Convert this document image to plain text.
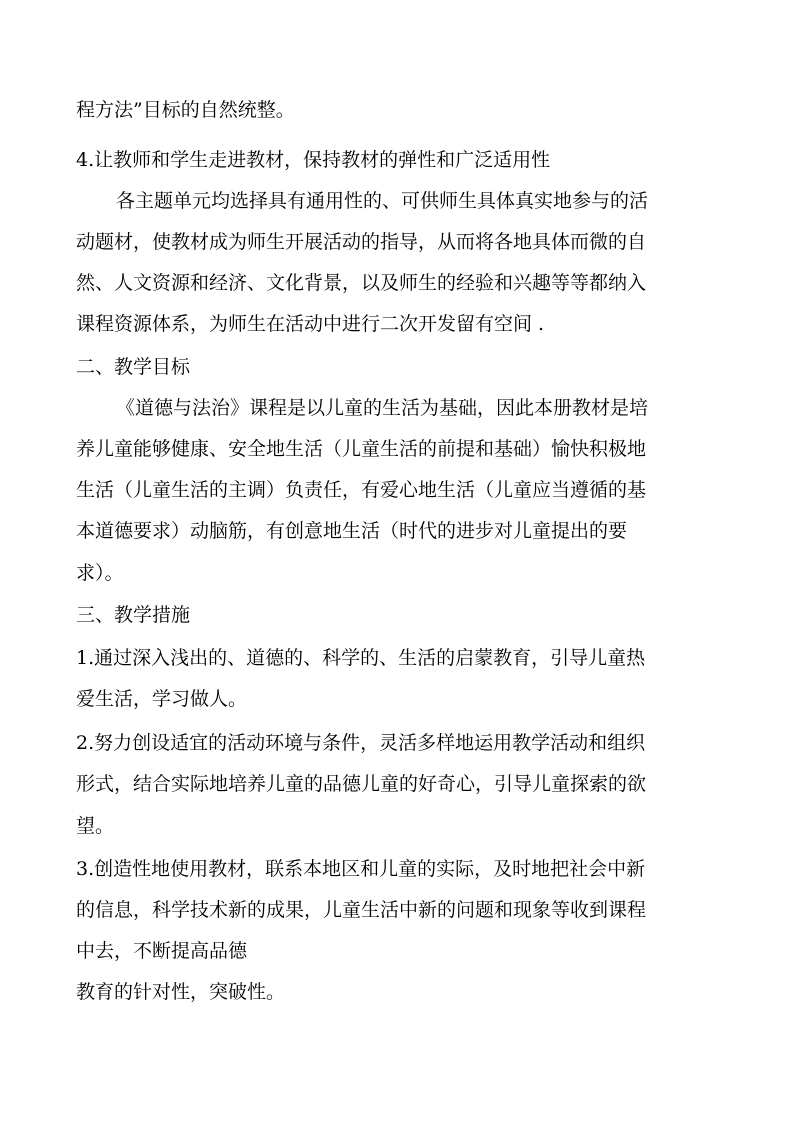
程方法”目标的自然统整。
4.让教师和学生走进教材，保持教材的弹性和广泛适用性
各主题单元均选择具有通用性的、可供师生具体真实地参与的活
动题材，使教材成为师生开展活动的指导，从而将各地具体而微的自
然、人文资源和经济、文化背景，以及师生的经验和兴趣等等都纳入
课程资源体系，为师生在活动中进行二次开发留有空间 .
二、教学目标
《道德与法治》课程是以儿童的生活为基础，因此本册教材是培
养儿童能够健康、安全地生活（儿童生活的前提和基础）愉快积极地
生活（儿童生活的主调）负责任，有爱心地生活（儿童应当遵循的基
本道德要求）动脑筋，有创意地生活（时代的进步对儿童提出的要
求）。
三、教学措施
1.通过深入浅出的、道德的、科学的、生活的启蒙教育，引导儿童热
爱生活，学习做人。
2.努力创设适宜的活动环境与条件，灵活多样地运用教学活动和组织
形式，结合实际地培养儿童的品德儿童的好奇心，引导儿童探索的欲
望。
3.创造性地使用教材，联系本地区和儿童的实际，及时地把社会中新
的信息，科学技术新的成果，儿童生活中新的问题和现象等收到课程
中去，不断提高品德
教育的针对性，突破性。
